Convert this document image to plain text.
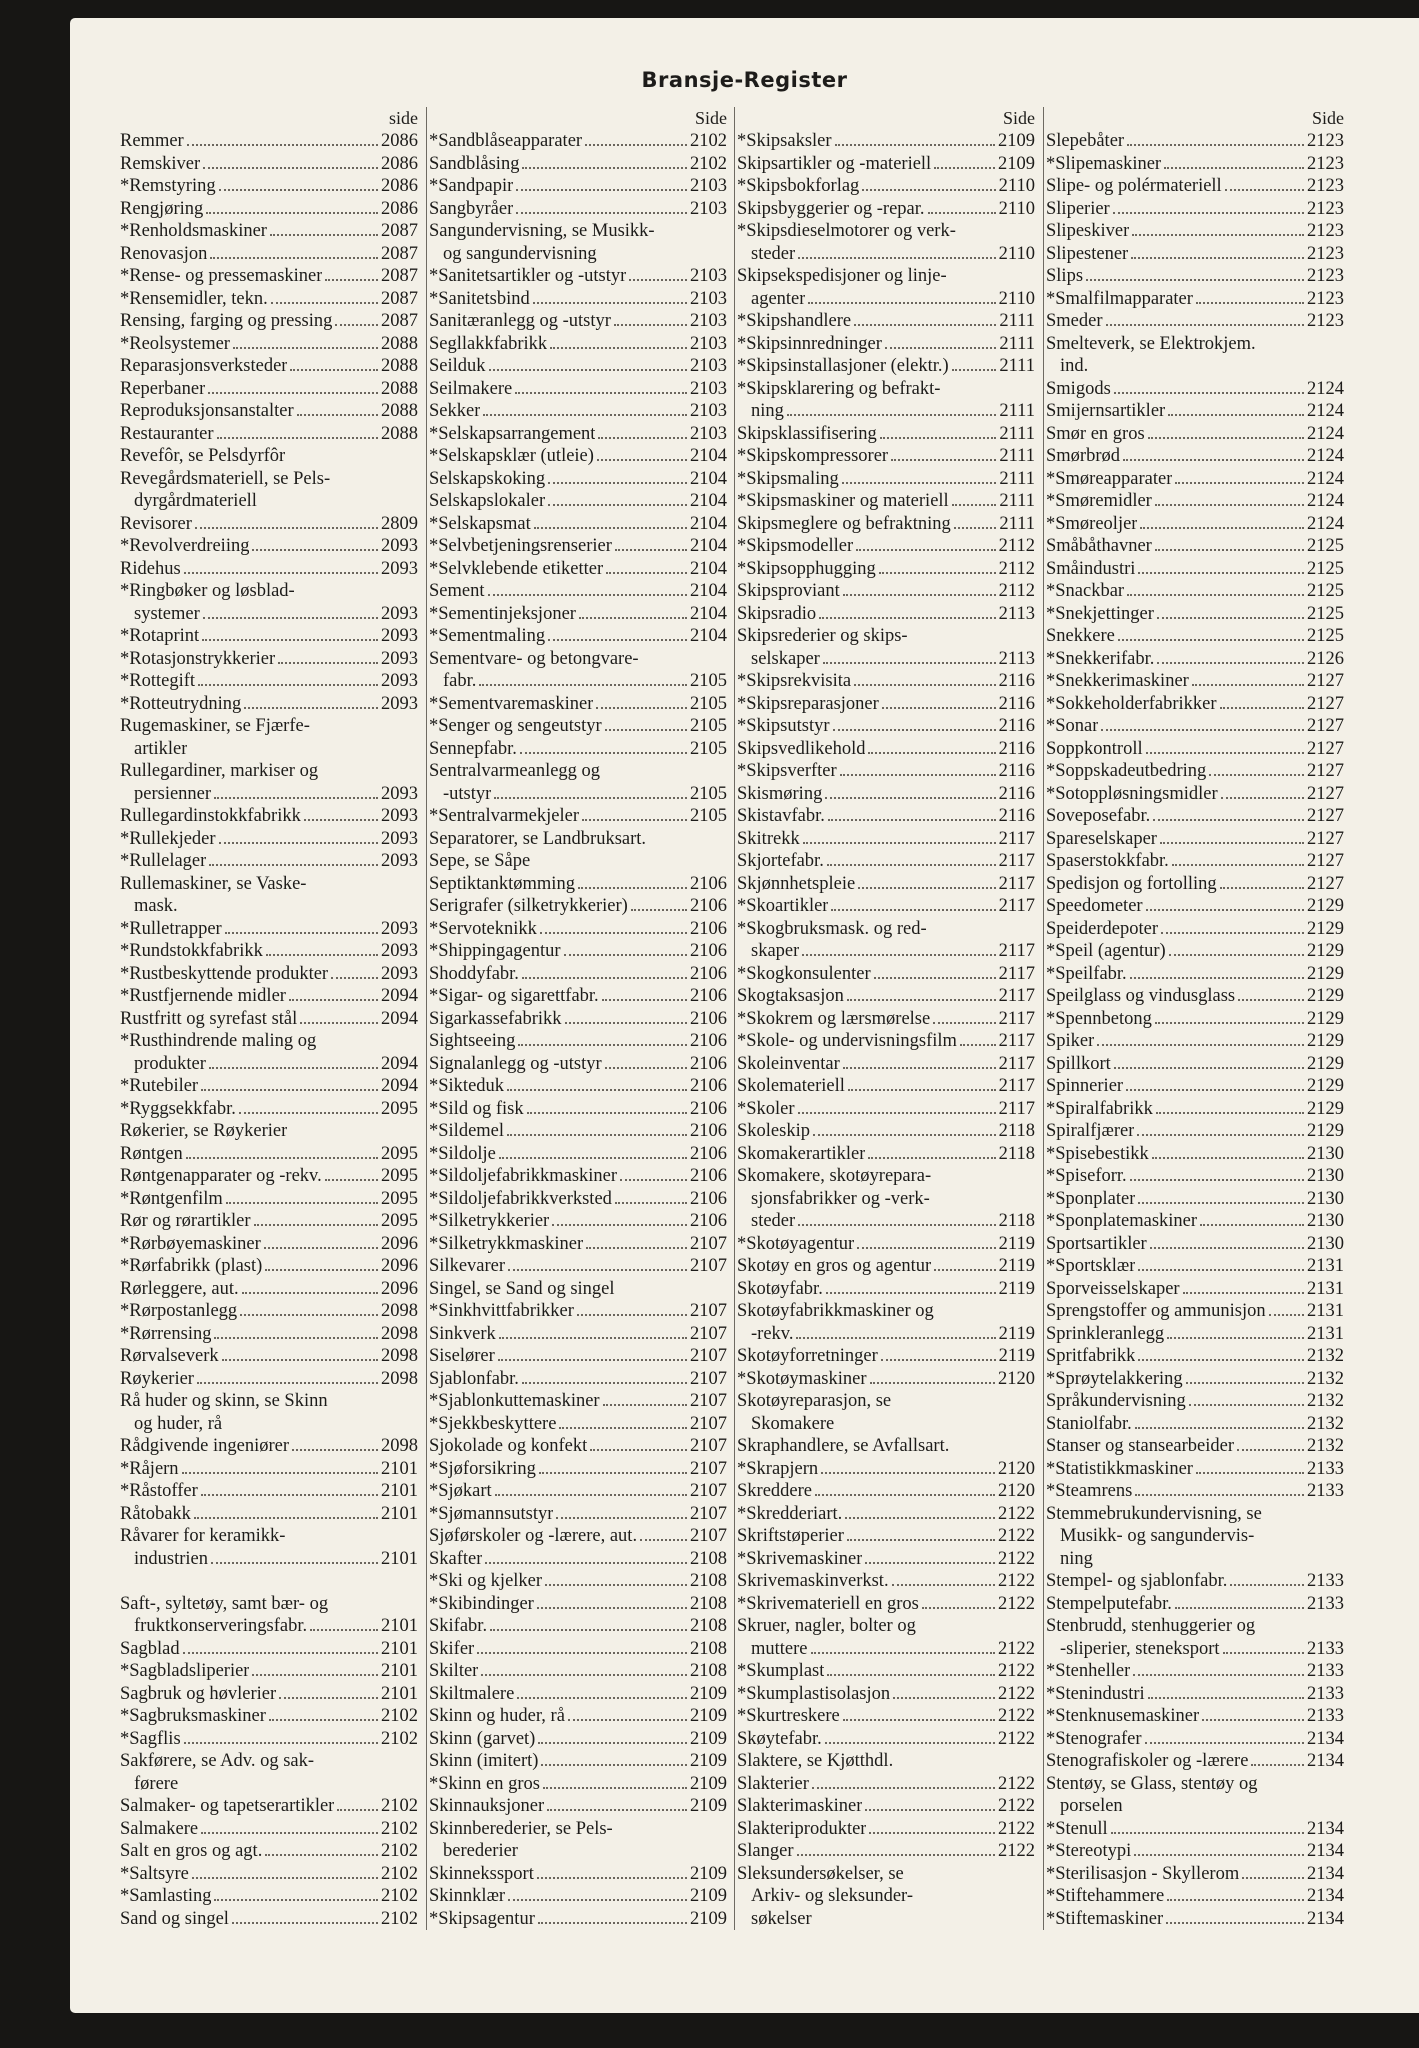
Bransje-Register
side
Remmer	2086
Remskiver	2086
*Remstyring	2086
Rengjøring	2086
*Renholdsmaskiner	2087
Renovasjon	2087
*Rense- og pressemaskiner	2087
*Rensemidler, tekn.	2087
Rensing, farging og pressing	2087
*Reolsystemer	2088
Reparasjonsverksteder	2088
Reperbaner	2088
Reproduksjonsanstalter	2088
Restauranter	2088
Revefôr, se Pelsdyrfôr
Revegårdsmateriell, se Pels-
dyrgårdmateriell
Revisorer	2809
*Revolverdreiing	2093
Ridehus	2093
*Ringbøker og løsblad-
systemer	2093
*Rotaprint	2093
*Rotasjonstrykkerier	2093
*Rottegift	2093
*Rotteutrydning	2093
Rugemaskiner, se Fjærfe-
artikler
Rullegardiner, markiser og
persienner	2093
Rullegardinstokkfabrikk	2093
*Rullekjeder	2093
*Rullelager	2093
Rullemaskiner, se Vaske-
mask.
*Rulletrapper	2093
*Rundstokkfabrikk	2093
*Rustbeskyttende produkter	2093
*Rustfjernende midler	2094
Rustfritt og syrefast stål	2094
*Rusthindrende maling og
produkter	2094
*Rutebiler	2094
*Ryggsekkfabr.	2095
Røkerier, se Røykerier
Røntgen	2095
Røntgenapparater og -rekv.	2095
*Røntgenfilm	2095
Rør og rørartikler	2095
*Rørbøyemaskiner	2096
*Rørfabrikk (plast)	2096
Rørleggere, aut.	2096
*Rørpostanlegg	2098
*Rørrensing	2098
Rørvalseverk	2098
Røykerier	2098
Rå huder og skinn, se Skinn
og huder, rå
Rådgivende ingeniører	2098
*Råjern	2101
*Råstoffer	2101
Råtobakk	2101
Råvarer for keramikk-
industrien	2101
Saft-, syltetøy, samt bær- og
fruktkonserveringsfabr.	2101
Sagblad	2101
*Sagbladsliperier	2101
Sagbruk og høvlerier	2101
*Sagbruksmaskiner	2102
*Sagflis	2102
Sakførere, se Adv. og sak-
førere
Salmaker- og tapetserartikler	2102
Salmakere	2102
Salt en gros og agt.	2102
*Saltsyre	2102
*Samlasting	2102
Sand og singel	2102
Side
*Sandblåseapparater	2102
Sandblåsing	2102
*Sandpapir	2103
Sangbyråer	2103
Sangundervisning, se Musikk-
og sangundervisning
*Sanitetsartikler og -utstyr	2103
*Sanitetsbind	2103
Sanitæranlegg og -utstyr	2103
Segllakkfabrikk	2103
Seilduk	2103
Seilmakere	2103
Sekker	2103
*Selskapsarrangement	2103
*Selskapsklær (utleie)	2104
Selskapskoking	2104
Selskapslokaler	2104
*Selskapsmat	2104
*Selvbetjeningsrenserier	2104
*Selvklebende etiketter	2104
Sement	2104
*Sementinjeksjoner	2104
*Sementmaling	2104
Sementvare- og betongvare-
fabr.	2105
*Sementvaremaskiner	2105
*Senger og sengeutstyr	2105
Sennepfabr.	2105
Sentralvarmeanlegg og
-utstyr	2105
*Sentralvarmekjeler	2105
Separatorer, se Landbruksart.
Sepe, se Såpe
Septiktanktømming	2106
Serigrafer (silketrykkerier)	2106
*Servoteknikk	2106
*Shippingagentur	2106
Shoddyfabr.	2106
*Sigar- og sigarettfabr.	2106
Sigarkassefabrikk	2106
Sightseeing	2106
Signalanlegg og -utstyr	2106
*Sikteduk	2106
*Sild og fisk	2106
*Sildemel	2106
*Sildolje	2106
*Sildoljefabrikkmaskiner	2106
*Sildoljefabrikkverksted	2106
*Silketrykkerier	2106
*Silketrykkmaskiner	2107
Silkevarer	2107
Singel, se Sand og singel
*Sinkhvittfabrikker	2107
Sinkverk	2107
Siselører	2107
Sjablonfabr.	2107
*Sjablonkuttemaskiner	2107
*Sjekkbeskyttere	2107
Sjokolade og konfekt	2107
*Sjøforsikring	2107
*Sjøkart	2107
*Sjømannsutstyr	2107
Sjøførskoler og -lærere, aut.	2107
Skafter	2108
*Ski og kjelker	2108
*Skibindinger	2108
Skifabr.	2108
Skifer	2108
Skilter	2108
Skiltmalere	2109
Skinn og huder, rå	2109
Skinn (garvet)	2109
Skinn (imitert)	2109
*Skinn en gros	2109
Skinnauksjoner	2109
Skinnberederier, se Pels-
berederier
Skinnekssport	2109
Skinnklær	2109
*Skipsagentur	2109
Side
*Skipsaksler	2109
Skipsartikler og -materiell	2109
*Skipsbokforlag	2110
Skipsbyggerier og -repar.	2110
*Skipsdieselmotorer og verk-
steder	2110
Skipsekspedisjoner og linje-
agenter	2110
*Skipshandlere	2111
*Skipsinnredninger	2111
*Skipsinstallasjoner (elektr.)	2111
*Skipsklarering og befrakt-
ning	2111
Skipsklassifisering	2111
*Skipskompressorer	2111
*Skipsmaling	2111
*Skipsmaskiner og materiell	2111
Skipsmeglere og befraktning	2111
*Skipsmodeller	2112
*Skipsopphugging	2112
Skipsproviant	2112
Skipsradio	2113
Skipsrederier og skips-
selskaper	2113
*Skipsrekvisita	2116
*Skipsreparasjoner	2116
*Skipsutstyr	2116
Skipsvedlikehold	2116
*Skipsverfter	2116
Skismøring	2116
Skistavfabr.	2116
Skitrekk	2117
Skjortefabr.	2117
Skjønnhetspleie	2117
*Skoartikler	2117
*Skogbruksmask. og red-
skaper	2117
*Skogkonsulenter	2117
Skogtaksasjon	2117
*Skokrem og lærsmørelse	2117
*Skole- og undervisningsfilm 2117
Skoleinventar	2117
Skolemateriell	2117
*Skoler	2117
Skoleskip	2118
Skomakerartikler	2118
Skomakere, skotøyrepara-
sjonsfabrikker og -verk-
steder	2118
*Skotøyagentur	2119
Skotøy en gros og agentur	2119
Skotøyfabr.	2119
Skotøyfabrikkmaskiner og
-rekv.	2119
Skotøyforretninger	2119
*Skotøymaskiner	2120
Skotøyreparasjon, se
Skomakere
Skraphandlere, se Avfallsart.
*Skrapjern	2120
Skreddere	2120
*Skredderiart.	2122
Skriftstøperier	2122
*Skrivemaskiner	2122
Skrivemaskinverkst.	2122
*Skrivemateriell en gros	2122
Skruer, nagler, bolter og
muttere	2122
*Skumplast	2122
*Skumplastisolasjon	2122
*Skurtreskere	2122
Skøytefabr.	2122
Slaktere, se Kjøtthdl.
Slakterier	2122
Slakterimaskiner	2122
Slakteriprodukter	2122
Slanger	2122
Sleksundersøkelser, se
Arkiv- og sleksunder-
søkelser
Side
Slepebåter	2123
*Slipemaskiner	2123
Slipe- og polérmateriell	2123
Sliperier	2123
Slipeskiver	2123
Slipestener	2123
Slips	2123
*Smalfilmapparater	2123
Smeder	2123
Smelteverk, se Elektrokjem.
ind.
Smigods	2124
Smijernsartikler	2124
Smør en gros	2124
Smørbrød	2124
*Smøreapparater	2124
*Smøremidler	2124
*Smøreoljer	2124
Småbåthavner	2125
Småindustri	2125
*Snackbar	2125
*Snekjettinger	2125
Snekkere	2125
*Snekkerifabr.	2126
*Snekkerimaskiner	2127
*Sokkeholderfabrikker	2127
*Sonar	2127
Soppkontroll	2127
*Soppskadeutbedring	2127
*Sotoppløsningsmidler	2127
Soveposefabr.	2127
Spareselskaper	2127
Spaserstokkfabr.	2127
Spedisjon og fortolling	2127
Speedometer	2129
Speiderdepoter	2129
*Speil (agentur)	2129
*Speilfabr.	2129
Speilglass og vindusglass	2129
*Spennbetong	2129
Spiker	2129
Spillkort	2129
Spinnerier	2129
*Spiralfabrikk	2129
Spiralfjærer	2129
*Spisebestikk	2130
*Spiseforr.	2130
*Sponplater	2130
*Sponplatemaskiner	2130
Sportsartikler	2130
*Sportsklær	2131
Sporveisselskaper	2131
Sprengstoffer og ammunisjon 2131
Sprinkleranlegg	2131
Spritfabrikk	2132
*Sprøytelakkering	2132
Språkundervisning	2132
Staniolfabr.	2132
Stanser og stansearbeider	2132
*Statistikkmaskiner	2133
*Steamrens	2133
Stemmebrukundervisning, se
Musikk- og sangundervis-
ning
Stempel- og sjablonfabr.	2133
Stempelputefabr.	2133
Stenbrudd, stenhuggerier og
-sliperier, steneksport	2133
*Stenheller	2133
*Stenindustri	2133
*Stenknusemaskiner	2133
*Stenografer	2134
Stenografiskoler og -lærere	2134
Stentøy, se Glass, stentøy og
porselen
*Stenull	2134
*Stereotypi	2134
*Sterilisasjon - Skyllerom	2134
*Stiftehammere	2134
*Stiftemaskiner	2134
